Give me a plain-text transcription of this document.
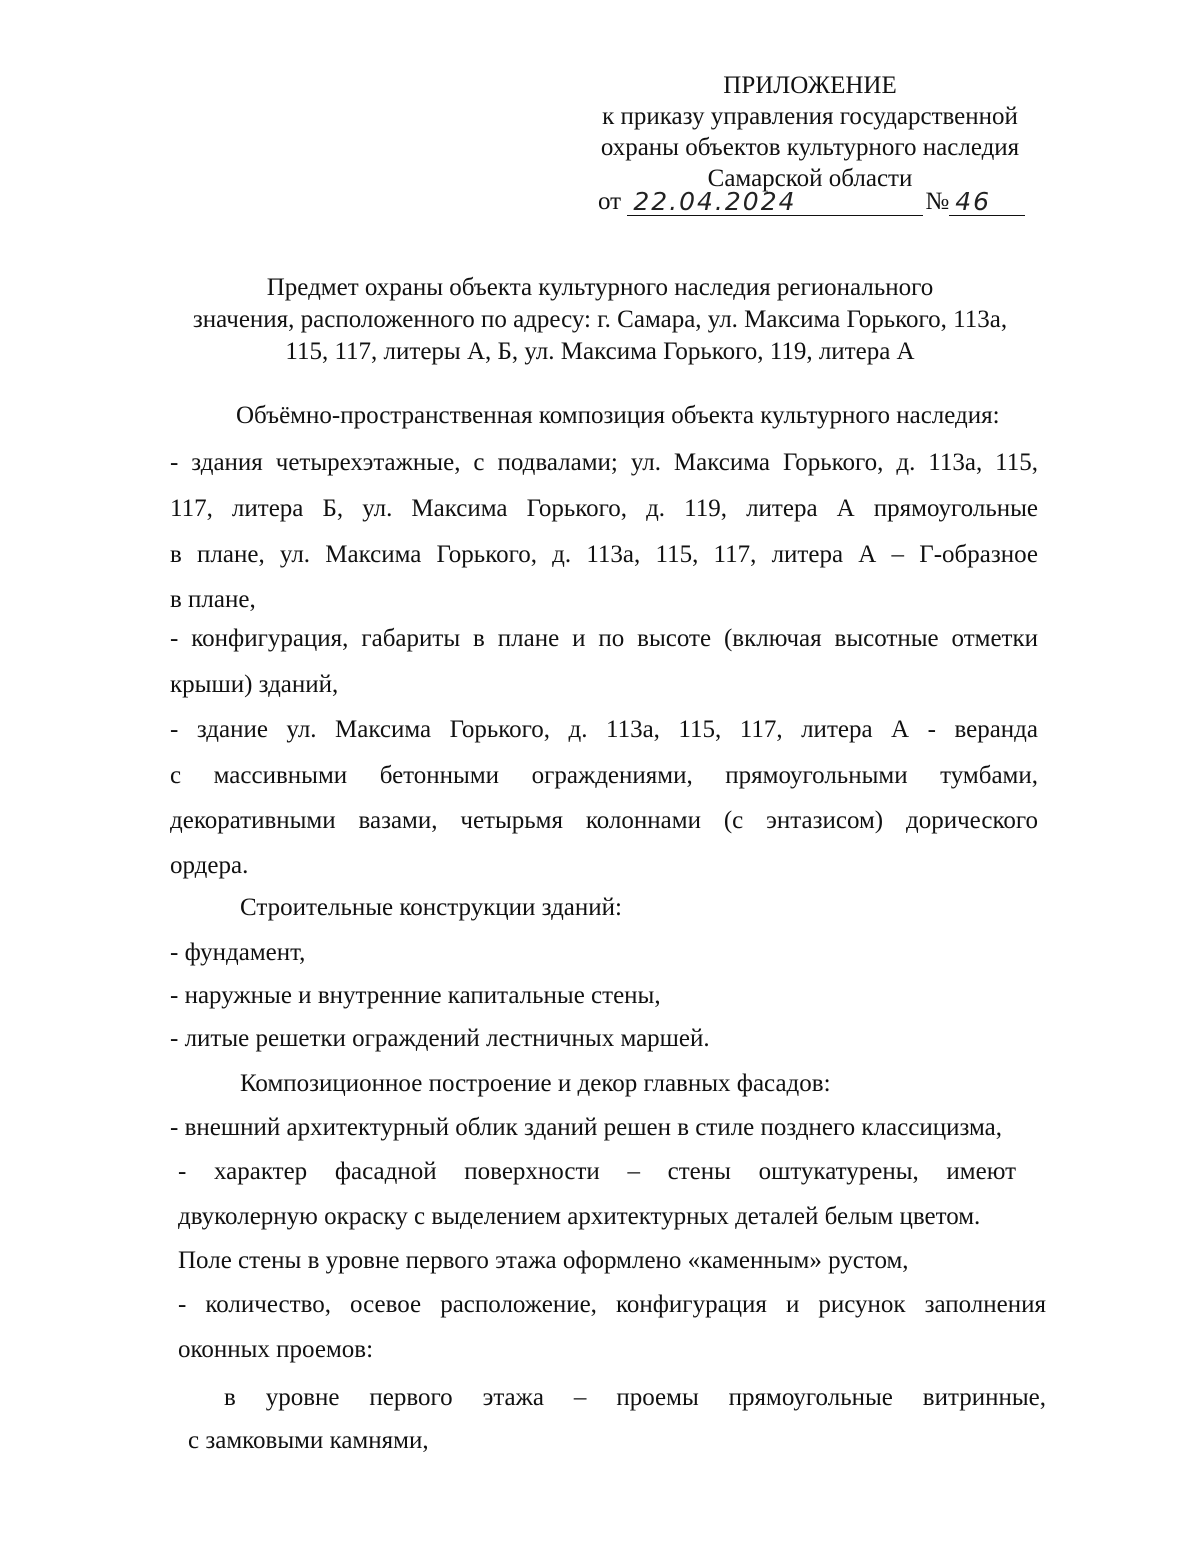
ПРИЛОЖЕНИЕ
к приказу управления государственной
охраны объектов культурного наследия
Самарской области
от 22.04.2024	№ 46
Предмет охраны объекта культурного наследия регионального
значения, расположенного по адресу: г. Самара, ул. Максима Горького, 113а,
115, 117, литеры А, Б, ул. Максима Горького, 119, литера А
Объёмно-пространственная композиция объекта культурного наследия:
- здания четырехэтажные, с подвалами; ул. Максима Горького, д. 113а, 115,
117, литера Б, ул. Максима Горького, д. 119, литера А прямоугольные
в плане, ул. Максима Горького, д. 113а, 115, 117, литера А – Г-образное
в плане,
- конфигурация, габариты в плане и по высоте (включая высотные отметки
крыши) зданий,
- здание ул. Максима Горького, д. 113а, 115, 117, литера А - веранда
с массивными бетонными ограждениями, прямоугольными тумбами,
декоративными вазами, четырьмя колоннами (с энтазисом) дорического
ордера.
Строительные конструкции зданий:
- фундамент,
- наружные и внутренние капитальные стены,
- литые решетки ограждений лестничных маршей.
Композиционное построение и декор главных фасадов:
- внешний архитектурный облик зданий решен в стиле позднего классицизма,
- характер фасадной поверхности – стены оштукатурены, имеют
двуколерную окраску с выделением архитектурных деталей белым цветом.
Поле стены в уровне первого этажа оформлено «каменным» рустом,
- количество, осевое расположение, конфигурация и рисунок заполнения
оконных проемов:
в уровне первого этажа – проемы прямоугольные витринные,
с замковыми камнями,
